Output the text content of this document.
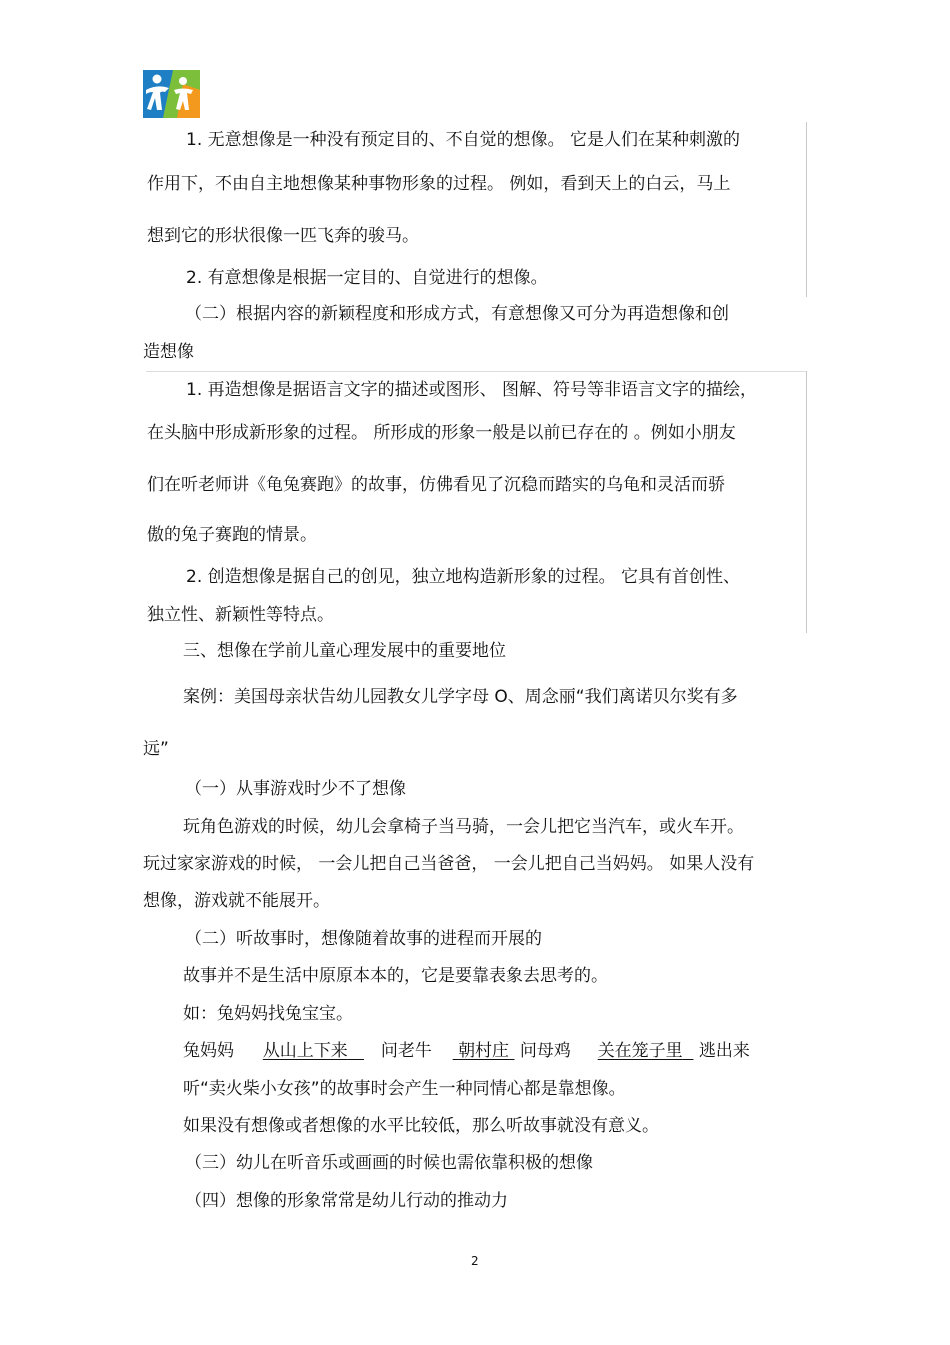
1. 无意想像是一种没有预定目的、不自觉的想像。 它是人们在某种刺激的
作用下，不由自主地想像某种事物形象的过程。 例如，看到天上的白云，马上
想到它的形状很像一匹飞奔的骏马。
2. 有意想像是根据一定目的、自觉进行的想像。
（二）根据内容的新颖程度和形成方式，有意想像又可分为再造想像和创
造想像
1. 再造想像是据语言文字的描述或图形、 图解、符号等非语言文字的描绘，
在头脑中形成新形象的过程。 所形成的形象一般是以前已存在的 。例如小朋友
们在听老师讲《龟兔赛跑》的故事，仿佛看见了沉稳而踏实的乌龟和灵活而骄
傲的兔子赛跑的情景。
2. 创造想像是据自己的创见，独立地构造新形象的过程。 它具有首创性、
独立性、新颖性等特点。
三、想像在学前儿童心理发展中的重要地位
案例：美国母亲状告幼儿园教女儿学字母 O、周念丽“我们离诺贝尔奖有多
远”
（一）从事游戏时少不了想像
玩角色游戏的时候，幼儿会拿椅子当马骑，一会儿把它当汽车，或火车开。
玩过家家游戏的时候， 一会儿把自己当爸爸， 一会儿把自己当妈妈。 如果人没有
想像，游戏就不能展开。
（二）听故事时，想像随着故事的进程而开展的
故事并不是生活中原原本本的，它是要靠表象去思考的。
如：兔妈妈找兔宝宝。
兔妈妈 从山上下来 问老牛 朝村庄 问母鸡 关在笼子里 逃出来
听“卖火柴小女孩”的故事时会产生一种同情心都是靠想像。
如果没有想像或者想像的水平比较低，那么听故事就没有意义。
（三）幼儿在听音乐或画画的时候也需依靠积极的想像
（四）想像的形象常常是幼儿行动的推动力
2
